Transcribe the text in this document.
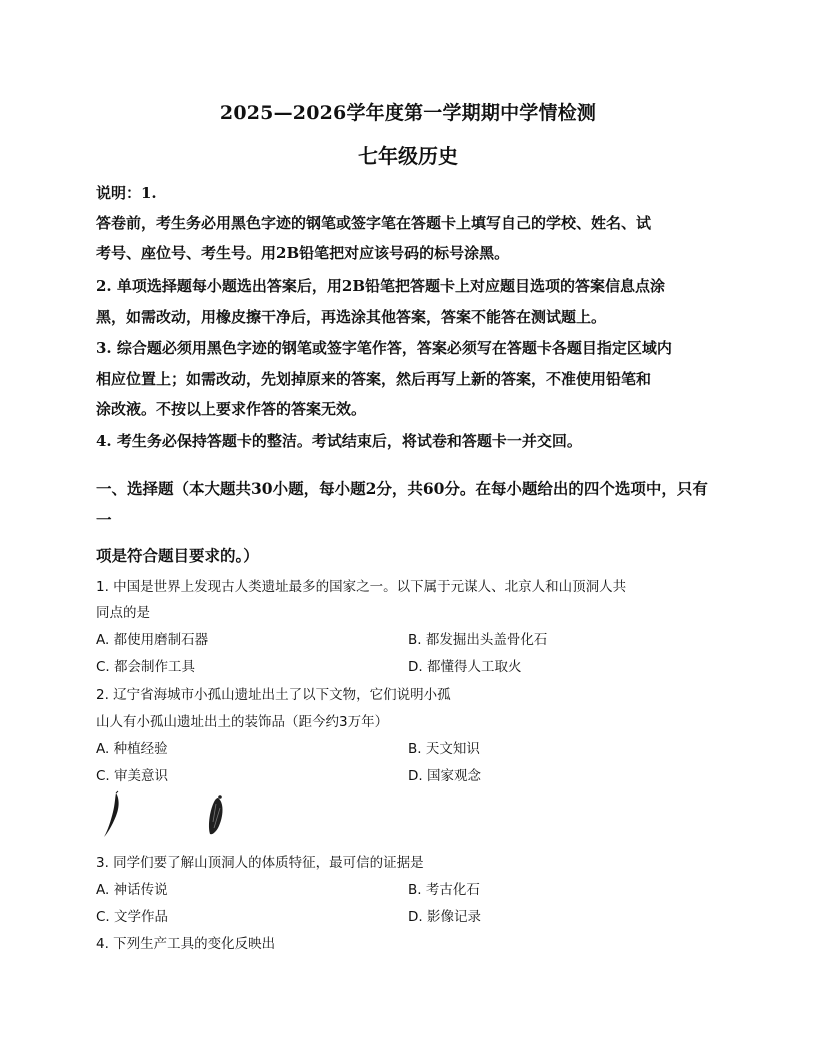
2025—2026学年度第一学期期中学情检测
七年级历史
说明：1.
答卷前，考生务必用黑色字迹的钢笔或签字笔在答题卡上填写自己的学校、姓名、试
考号、座位号、考生号。用2B铅笔把对应该号码的标号涂黑。
2. 单项选择题每小题选出答案后，用2B铅笔把答题卡上对应题目选项的答案信息点涂
黑，如需改动，用橡皮擦干净后，再选涂其他答案，答案不能答在测试题上。
3. 综合题必须用黑色字迹的钢笔或签字笔作答，答案必须写在答题卡各题目指定区域内
相应位置上；如需改动，先划掉原来的答案，然后再写上新的答案，不准使用铅笔和
涂改液。不按以上要求作答的答案无效。
4. 考生务必保持答题卡的整洁。考试结束后，将试卷和答题卡一并交回。
一、选择题（本大题共30小题，每小题2分，共60分。在每小题给出的四个选项中，只有
一
项是符合题目要求的。）
1. 中国是世界上发现古人类遗址最多的国家之一。以下属于元谋人、北京人和山顶洞人共
同点的是
A. 都使用磨制石器	B. 都发掘出头盖骨化石
C. 都会制作工具	D. 都懂得人工取火
2. 辽宁省海城市小孤山遗址出土了以下文物，它们说明小孤
山人有小孤山遗址出土的装饰品（距今约3万年）
A. 种植经验	B. 天文知识
C. 审美意识	D. 国家观念
3. 同学们要了解山顶洞人的体质特征，最可信的证据是
A. 神话传说	B. 考古化石
C. 文学作品	D. 影像记录
4. 下列生产工具的变化反映出
